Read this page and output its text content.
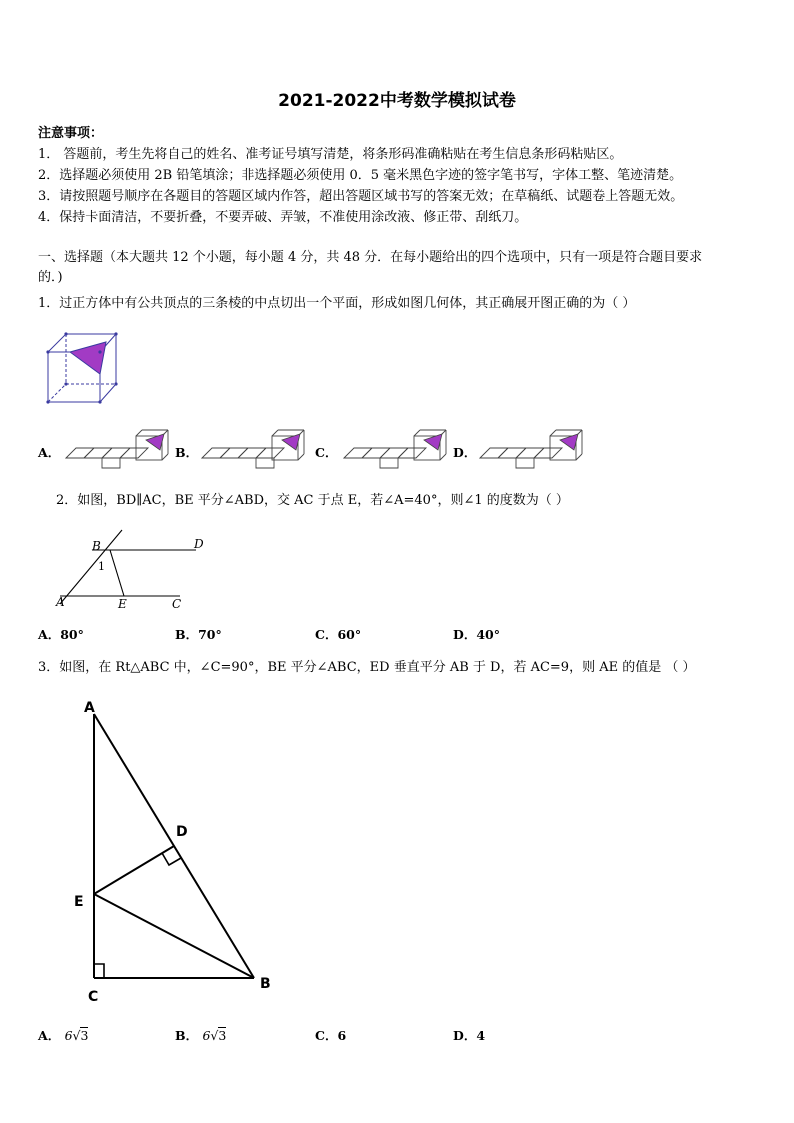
2021-2022中考数学模拟试卷
注意事项：
1． 答题前，考生先将自己的姓名、准考证号填写清楚，将条形码准确粘贴在考生信息条形码粘贴区。
2．选择题必须使用 2B 铅笔填涂；非选择题必须使用 0．5 毫米黑色字迹的签字笔书写，字体工整、笔迹清楚。
3．请按照题号顺序在各题目的答题区域内作答，超出答题区域书写的答案无效；在草稿纸、试题卷上答题无效。
4．保持卡面清洁，不要折叠，不要弄破、弄皱，不准使用涂改液、修正带、刮纸刀。
一、选择题（本大题共 12 个小题，每小题 4 分，共 48 分．在每小题给出的四个选项中，只有一项是符合题目要求
的．)
1．过正方体中有公共顶点的三条棱的中点切出一个平面，形成如图几何体，其正确展开图正确的为（ ）
A．	B．	C．	D．
2．如图，BD∥AC，BE 平分∠ABD，交 AC 于点 E，若∠A=40°，则∠1 的度数为（ ）
B	D
1
A	E	C
A．80°	B．70°	C．60°	D．40°
3．如图，在 Rt△ABC 中，∠C=90°，BE 平分∠ABC，ED 垂直平分 AB 于 D，若 AC=9，则 AE 的值是 （ ）
A
D
E
C
B
A． 6√3	B． 6√3	C．6	D．4
